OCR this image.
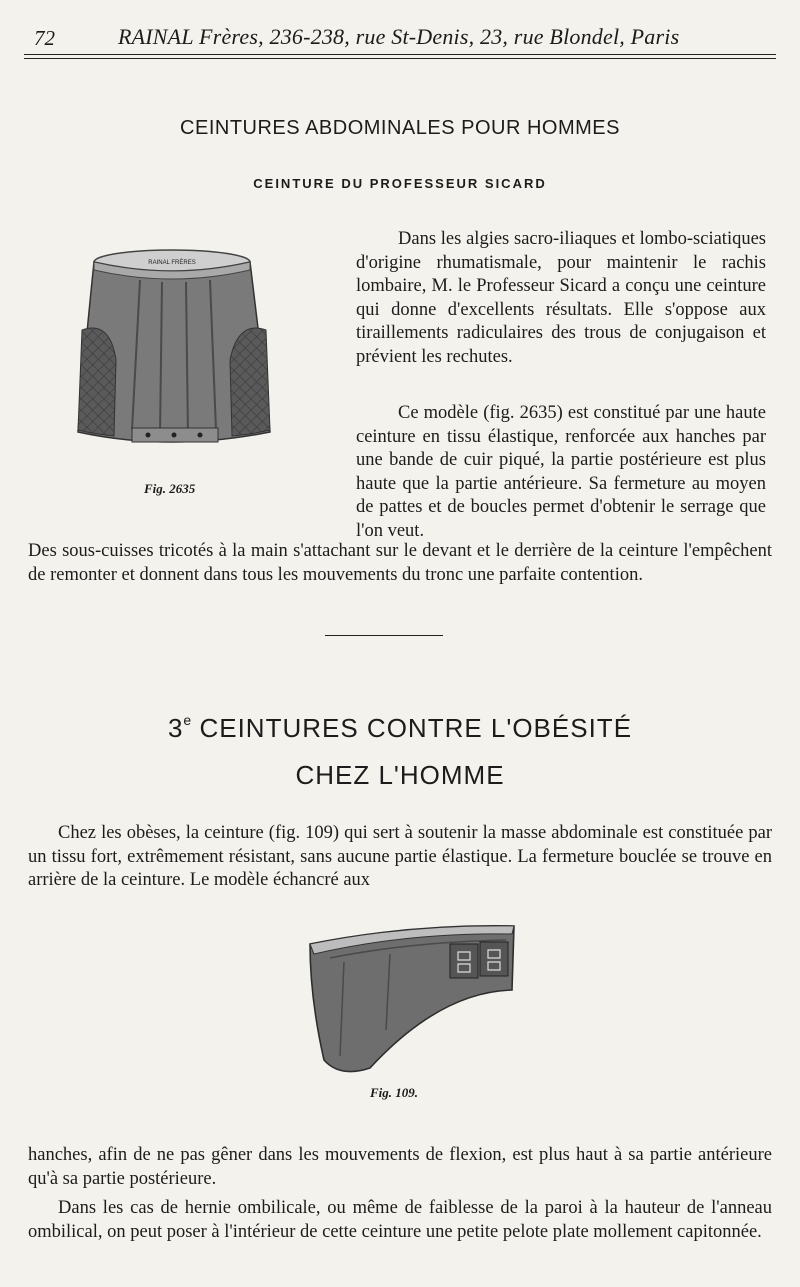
72	RAINAL Frères, 236-238, rue St-Denis, 23, rue Blondel, Paris
CEINTURES ABDOMINALES POUR HOMMES
CEINTURE DU PROFESSEUR SICARD
RAINAL FRÈRES
Dans les algies sacro-iliaques et lombo-sciatiques d'origine rhumatismale, pour maintenir le rachis lombaire, M. le Professeur Sicard a conçu une ceinture qui donne d'excellents résultats. Elle s'oppose aux tiraillements radiculaires des trous de conjugaison et prévient les rechutes.
Ce modèle (fig. 2635) est constitué par une haute ceinture en tissu élastique, renforcée aux hanches par une bande de cuir piqué, la partie postérieure est plus haute que la partie antérieure. Sa fermeture au moyen de pattes et de boucles permet d'obtenir le serrage que l'on veut.
Fig. 2635
Des sous-cuisses tricotés à la main s'attachant sur le devant et le derrière de la ceinture l'empêchent de remonter et donnent dans tous les mouvements du tronc une parfaite contention.
3e CEINTURES CONTRE L'OBÉSITÉ
CHEZ L'HOMME
Chez les obèses, la ceinture (fig. 109) qui sert à soutenir la masse abdominale est constituée par un tissu fort, extrêmement résistant, sans aucune partie élastique. La fermeture bouclée se trouve en arrière de la ceinture. Le modèle échancré aux
Fig. 109.
hanches, afin de ne pas gêner dans les mouvements de flexion, est plus haut à sa partie antérieure qu'à sa partie postérieure.
Dans les cas de hernie ombilicale, ou même de faiblesse de la paroi à la hauteur de l'anneau ombilical, on peut poser à l'intérieur de cette ceinture une petite pelote plate mollement capitonnée.
